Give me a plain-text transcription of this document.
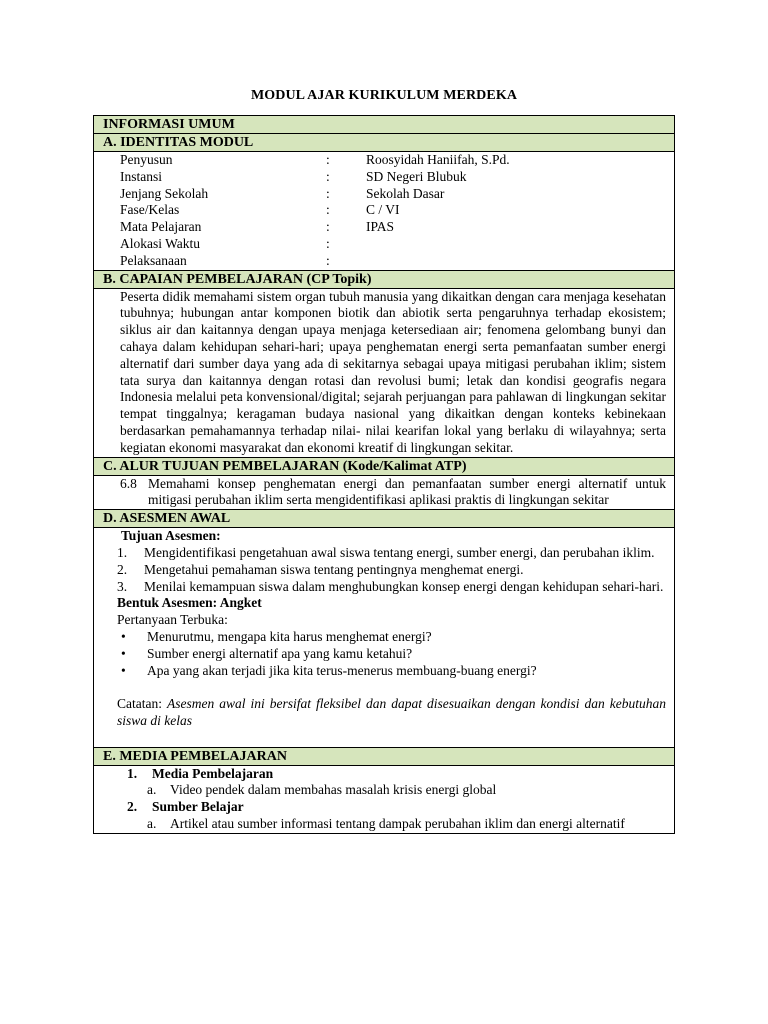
MODUL AJAR KURIKULUM MERDEKA
INFORMASI UMUM
A. IDENTITAS MODUL
Penyusun	:	Roosyidah Haniifah, S.Pd.
Instansi	:	SD Negeri Blubuk
Jenjang Sekolah	:	Sekolah Dasar
Fase/Kelas	:	C / VI
Mata Pelajaran	:	IPAS
Alokasi Waktu	:
Pelaksanaan	:
B. CAPAIAN PEMBELAJARAN (CP Topik)
Peserta didik memahami sistem organ tubuh manusia yang dikaitkan dengan cara menjaga kesehatan tubuhnya; hubungan antar komponen biotik dan abiotik serta pengaruhnya terhadap ekosistem; siklus air dan kaitannya dengan upaya menjaga ketersediaan air; fenomena gelombang bunyi dan cahaya dalam kehidupan sehari-hari; upaya penghematan energi serta pemanfaatan sumber energi alternatif dari sumber daya yang ada di sekitarnya sebagai upaya mitigasi perubahan iklim; sistem tata surya dan kaitannya dengan rotasi dan revolusi bumi; letak dan kondisi geografis negara Indonesia melalui peta konvensional/digital; sejarah perjuangan para pahlawan di lingkungan sekitar tempat tinggalnya; keragaman budaya nasional yang dikaitkan dengan konteks kebinekaan berdasarkan pemahamannya terhadap nilai- nilai kearifan lokal yang berlaku di wilayahnya; serta kegiatan ekonomi masyarakat dan ekonomi kreatif di lingkungan sekitar.
C. ALUR TUJUAN PEMBELAJARAN (Kode/Kalimat ATP)
6.8 Memahami konsep penghematan energi dan pemanfaatan sumber energi alternatif untuk mitigasi perubahan iklim serta mengidentifikasi aplikasi praktis di lingkungan sekitar
D. ASESMEN AWAL
Tujuan Asesmen:
1.	Mengidentifikasi pengetahuan awal siswa tentang energi, sumber energi, dan perubahan iklim.
2.	Mengetahui pemahaman siswa tentang pentingnya menghemat energi.
3.	Menilai kemampuan siswa dalam menghubungkan konsep energi dengan kehidupan sehari-hari.
Bentuk Asesmen: Angket
Pertanyaan Terbuka:
•	Menurutmu, mengapa kita harus menghemat energi?
•	Sumber energi alternatif apa yang kamu ketahui?
•	Apa yang akan terjadi jika kita terus-menerus membuang-buang energi?
Catatan: Asesmen awal ini bersifat fleksibel dan dapat disesuaikan dengan kondisi dan kebutuhan siswa di kelas
E. MEDIA PEMBELAJARAN
1.	Media Pembelajaran
a.	Video pendek dalam membahas masalah krisis energi global
2.	Sumber Belajar
a.	Artikel atau sumber informasi tentang dampak perubahan iklim dan energi alternatif
